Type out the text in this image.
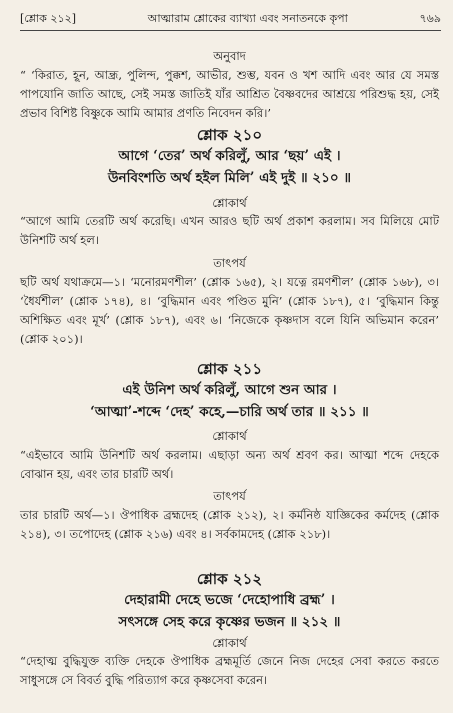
[শ্লোক ২১২]	আত্মারাম শ্লোকের ব্যাখ্যা এবং সনাতনকে কৃপা	৭৬৯
অনুবাদ
“ ‘কিরাত, হূন, আন্ধ্র, পুলিন্দ, পুক্কশ, আভীর, শুম্ভ, যবন ও খশ আদি এবং আর যে সমস্ত পাপযোনি জাতি আছে, সেই সমস্ত জাতিই যাঁর আশ্রিত বৈষ্ণবদের আশ্রয়ে পরিশুদ্ধ হয়, সেই প্রভাব বিশিষ্ট বিষ্ণুকে আমি আমার প্রণতি নিবেদন করি।’
শ্লোক ২১০
আগে ‘তের’ অর্থ করিলুঁ, আর ‘ছয়’ এই ।
উনবিংশতি অর্থ হইল মিলি’ এই দুই ॥ ২১০ ॥
শ্লোকার্থ
“আগে আমি তেরটি অর্থ করেছি। এখন আরও ছটি অর্থ প্রকাশ করলাম। সব মিলিয়ে মোট উনিশটি অর্থ হল।
তাৎপর্য
ছটি অর্থ যথাক্রমে—১। ‘মনোরমণশীল’ (শ্লোক ১৬৫), ২। যত্নে রমণশীল’ (শ্লোক ১৬৮), ৩। ‘ধৈর্যশীল’ (শ্লোক ১৭৪), ৪। ‘বুদ্ধিমান এবং পণ্ডিত মুনি’ (শ্লোক ১৮৭), ৫। ‘বুদ্ধিমান কিন্তু অশিক্ষিত এবং মূর্খ’ (শ্লোক ১৮৭), এবং ৬। ‘নিজেকে কৃষ্ণদাস বলে যিনি অভিমান করেন’ (শ্লোক ২০১)।
শ্লোক ২১১
এই উনিশ অর্থ করিলুঁ, আগে শুন আর ।
‘আত্মা’-শব্দে ‘দেহ’ কহে,—চারি অর্থ তার ॥ ২১১ ॥
শ্লোকার্থ
“এইভাবে আমি উনিশটি অর্থ করলাম। এছাড়া অন্য অর্থ শ্রবণ কর। আত্মা শব্দে দেহকে বোঝান হয়, এবং তার চারটি অর্থ।
তাৎপর্য
তার চারটি অর্থ—১। ঔপাধিক ব্রহ্মদেহ (শ্লোক ২১২), ২। কর্মনিষ্ঠ যাজ্ঞিকের কর্মদেহ (শ্লোক ২১৪), ৩। তপোদেহ (শ্লোক ২১৬) এবং ৪। সর্বকামদেহ (শ্লোক ২১৮)।
শ্লোক ২১২
দেহারামী দেহে ভজে ‘দেহোপাধি ব্রহ্ম’ ।
সৎসঙ্গে সেহ করে কৃষ্ণের ভজন ॥ ২১২ ॥
শ্লোকার্থ
“দেহাত্ম বুদ্ধিযুক্ত ব্যক্তি দেহকে ঔপাধিক ব্রহ্মমূর্তি জেনে নিজ দেহের সেবা করতে করতে সাধুসঙ্গে সে বিবর্ত বুদ্ধি পরিত্যাগ করে কৃষ্ণসেবা করেন।
